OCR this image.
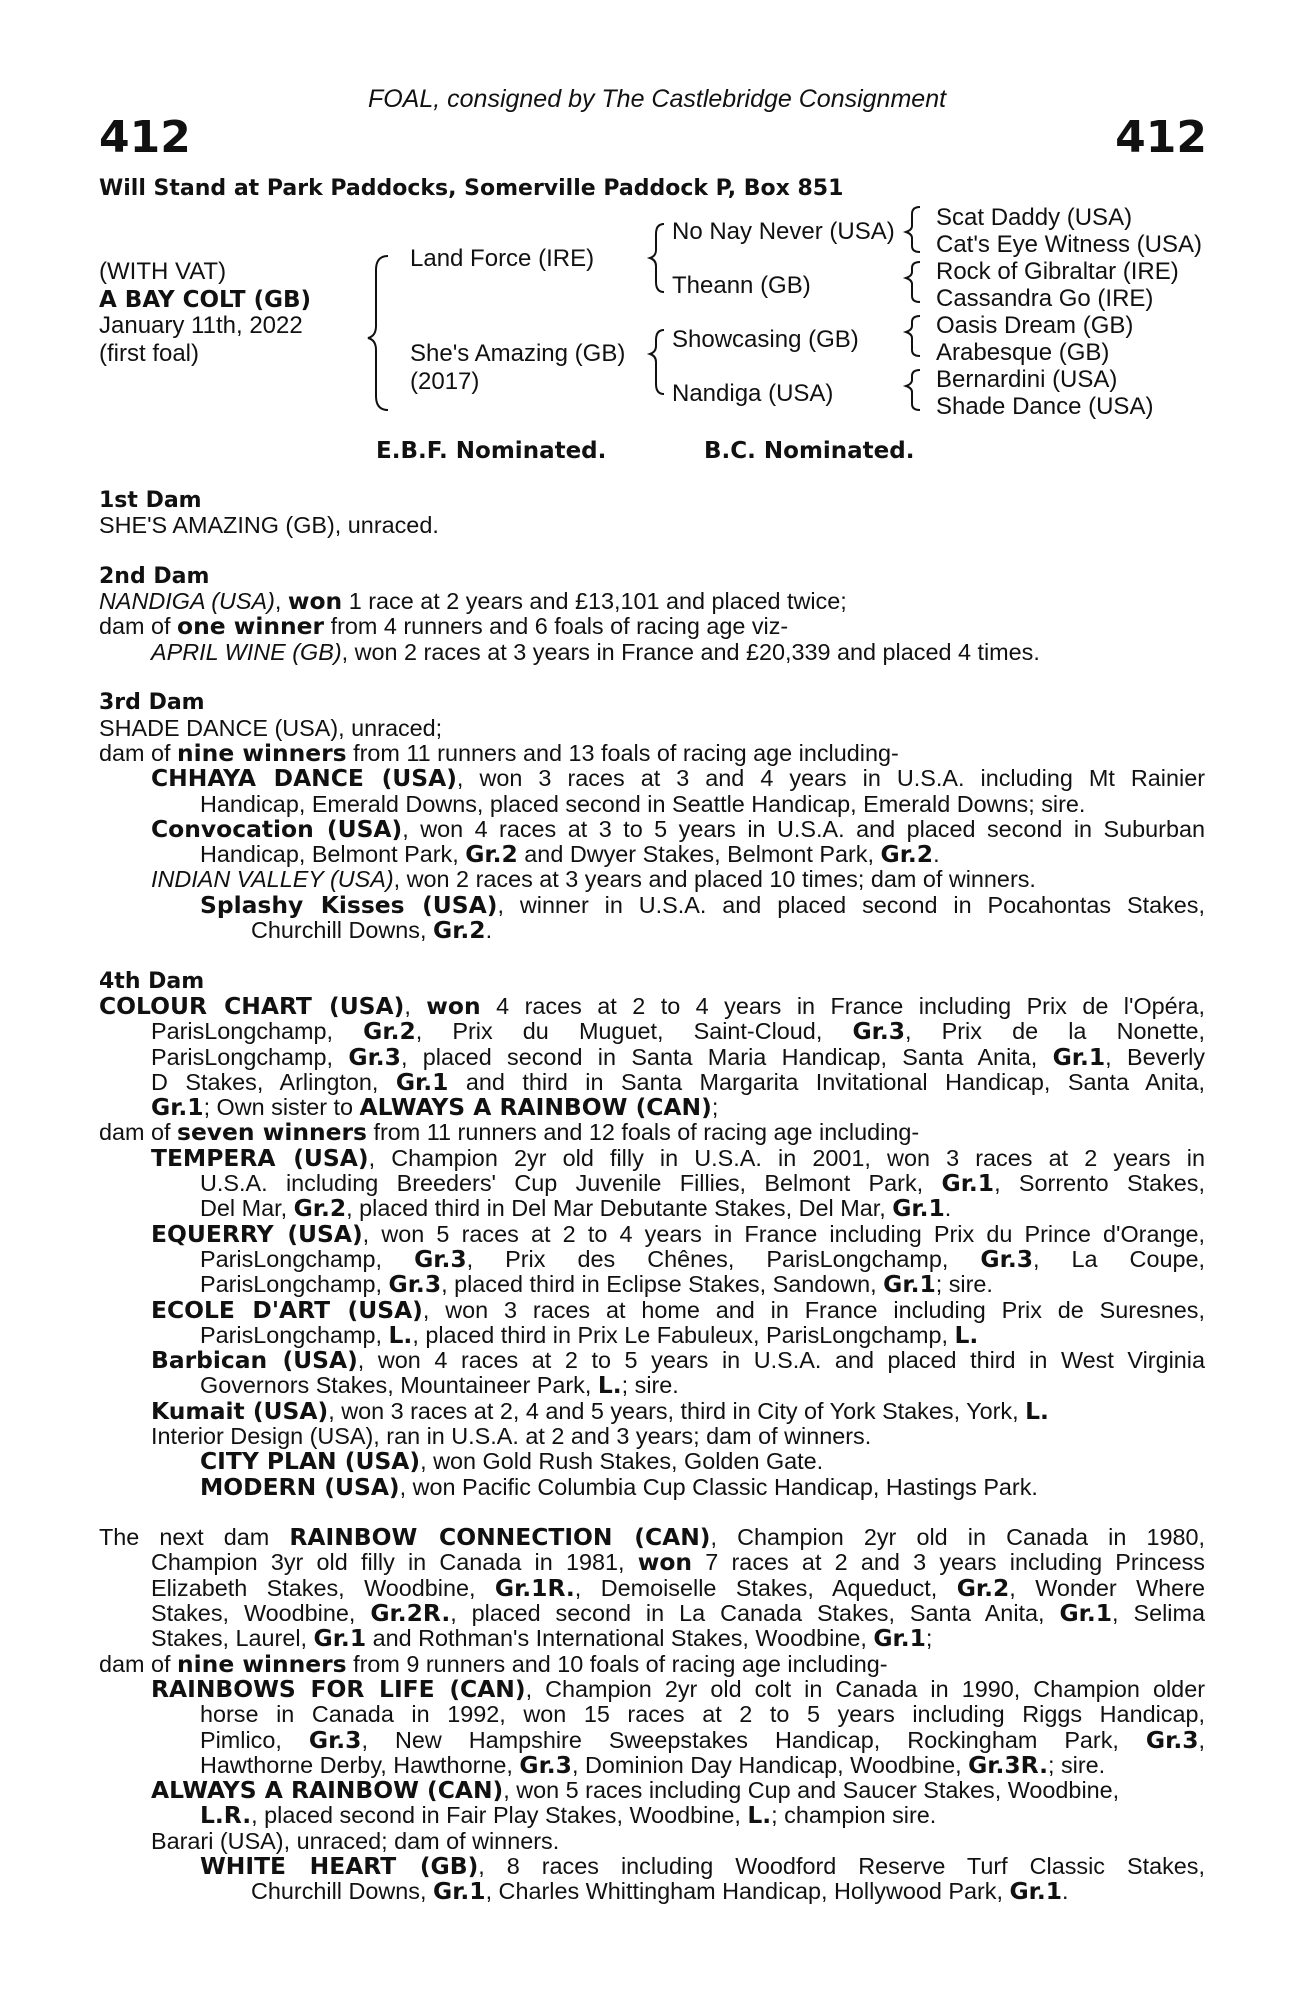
FOAL, consigned by The Castlebridge Consignment
412	412
Will Stand at Park Paddocks, Somerville Paddock P, Box 851
(WITH VAT)
A BAY COLT (GB)
January 11th, 2022
(first foal)
Land Force (IRE)
She's Amazing (GB)
(2017)
No Nay Never (USA)
Theann (GB)
Showcasing (GB)
Nandiga (USA)
Scat Daddy (USA)
Cat's Eye Witness (USA)
Rock of Gibraltar (IRE)
Cassandra Go (IRE)
Oasis Dream (GB)
Arabesque (GB)
Bernardini (USA)
Shade Dance (USA)
E.B.F. Nominated.	B.C. Nominated.
1st Dam
SHE'S AMAZING (GB), unraced.
2nd Dam
NANDIGA (USA), won 1 race at 2 years and £13,101 and placed twice;
dam of one winner from 4 runners and 6 foals of racing age viz-
APRIL WINE (GB), won 2 races at 3 years in France and £20,339 and placed 4 times.
3rd Dam
SHADE DANCE (USA), unraced;
dam of nine winners from 11 runners and 13 foals of racing age including-
CHHAYA DANCE (USA), won 3 races at 3 and 4 years in U.S.A. including Mt Rainier
Handicap, Emerald Downs, placed second in Seattle Handicap, Emerald Downs; sire.
Convocation (USA), won 4 races at 3 to 5 years in U.S.A. and placed second in Suburban
Handicap, Belmont Park, Gr.2 and Dwyer Stakes, Belmont Park, Gr.2.
INDIAN VALLEY (USA), won 2 races at 3 years and placed 10 times; dam of winners.
Splashy Kisses (USA), winner in U.S.A. and placed second in Pocahontas Stakes,
Churchill Downs, Gr.2.
4th Dam
COLOUR CHART (USA), won 4 races at 2 to 4 years in France including Prix de l'Opéra,
ParisLongchamp, Gr.2, Prix du Muguet, Saint-Cloud, Gr.3, Prix de la Nonette,
ParisLongchamp, Gr.3, placed second in Santa Maria Handicap, Santa Anita, Gr.1, Beverly
D Stakes, Arlington, Gr.1 and third in Santa Margarita Invitational Handicap, Santa Anita,
Gr.1; Own sister to ALWAYS A RAINBOW (CAN);
dam of seven winners from 11 runners and 12 foals of racing age including-
TEMPERA (USA), Champion 2yr old filly in U.S.A. in 2001, won 3 races at 2 years in
U.S.A. including Breeders' Cup Juvenile Fillies, Belmont Park, Gr.1, Sorrento Stakes,
Del Mar, Gr.2, placed third in Del Mar Debutante Stakes, Del Mar, Gr.1.
EQUERRY (USA), won 5 races at 2 to 4 years in France including Prix du Prince d'Orange,
ParisLongchamp, Gr.3, Prix des Chênes, ParisLongchamp, Gr.3, La Coupe,
ParisLongchamp, Gr.3, placed third in Eclipse Stakes, Sandown, Gr.1; sire.
ECOLE D'ART (USA), won 3 races at home and in France including Prix de Suresnes,
ParisLongchamp, L., placed third in Prix Le Fabuleux, ParisLongchamp, L.
Barbican (USA), won 4 races at 2 to 5 years in U.S.A. and placed third in West Virginia
Governors Stakes, Mountaineer Park, L.; sire.
Kumait (USA), won 3 races at 2, 4 and 5 years, third in City of York Stakes, York, L.
Interior Design (USA), ran in U.S.A. at 2 and 3 years; dam of winners.
CITY PLAN (USA), won Gold Rush Stakes, Golden Gate.
MODERN (USA), won Pacific Columbia Cup Classic Handicap, Hastings Park.
The next dam RAINBOW CONNECTION (CAN), Champion 2yr old in Canada in 1980,
Champion 3yr old filly in Canada in 1981, won 7 races at 2 and 3 years including Princess
Elizabeth Stakes, Woodbine, Gr.1R., Demoiselle Stakes, Aqueduct, Gr.2, Wonder Where
Stakes, Woodbine, Gr.2R., placed second in La Canada Stakes, Santa Anita, Gr.1, Selima
Stakes, Laurel, Gr.1 and Rothman's International Stakes, Woodbine, Gr.1;
dam of nine winners from 9 runners and 10 foals of racing age including-
RAINBOWS FOR LIFE (CAN), Champion 2yr old colt in Canada in 1990, Champion older
horse in Canada in 1992, won 15 races at 2 to 5 years including Riggs Handicap,
Pimlico, Gr.3, New Hampshire Sweepstakes Handicap, Rockingham Park, Gr.3,
Hawthorne Derby, Hawthorne, Gr.3, Dominion Day Handicap, Woodbine, Gr.3R.; sire.
ALWAYS A RAINBOW (CAN), won 5 races including Cup and Saucer Stakes, Woodbine,
L.R., placed second in Fair Play Stakes, Woodbine, L.; champion sire.
Barari (USA), unraced; dam of winners.
WHITE HEART (GB), 8 races including Woodford Reserve Turf Classic Stakes,
Churchill Downs, Gr.1, Charles Whittingham Handicap, Hollywood Park, Gr.1.
